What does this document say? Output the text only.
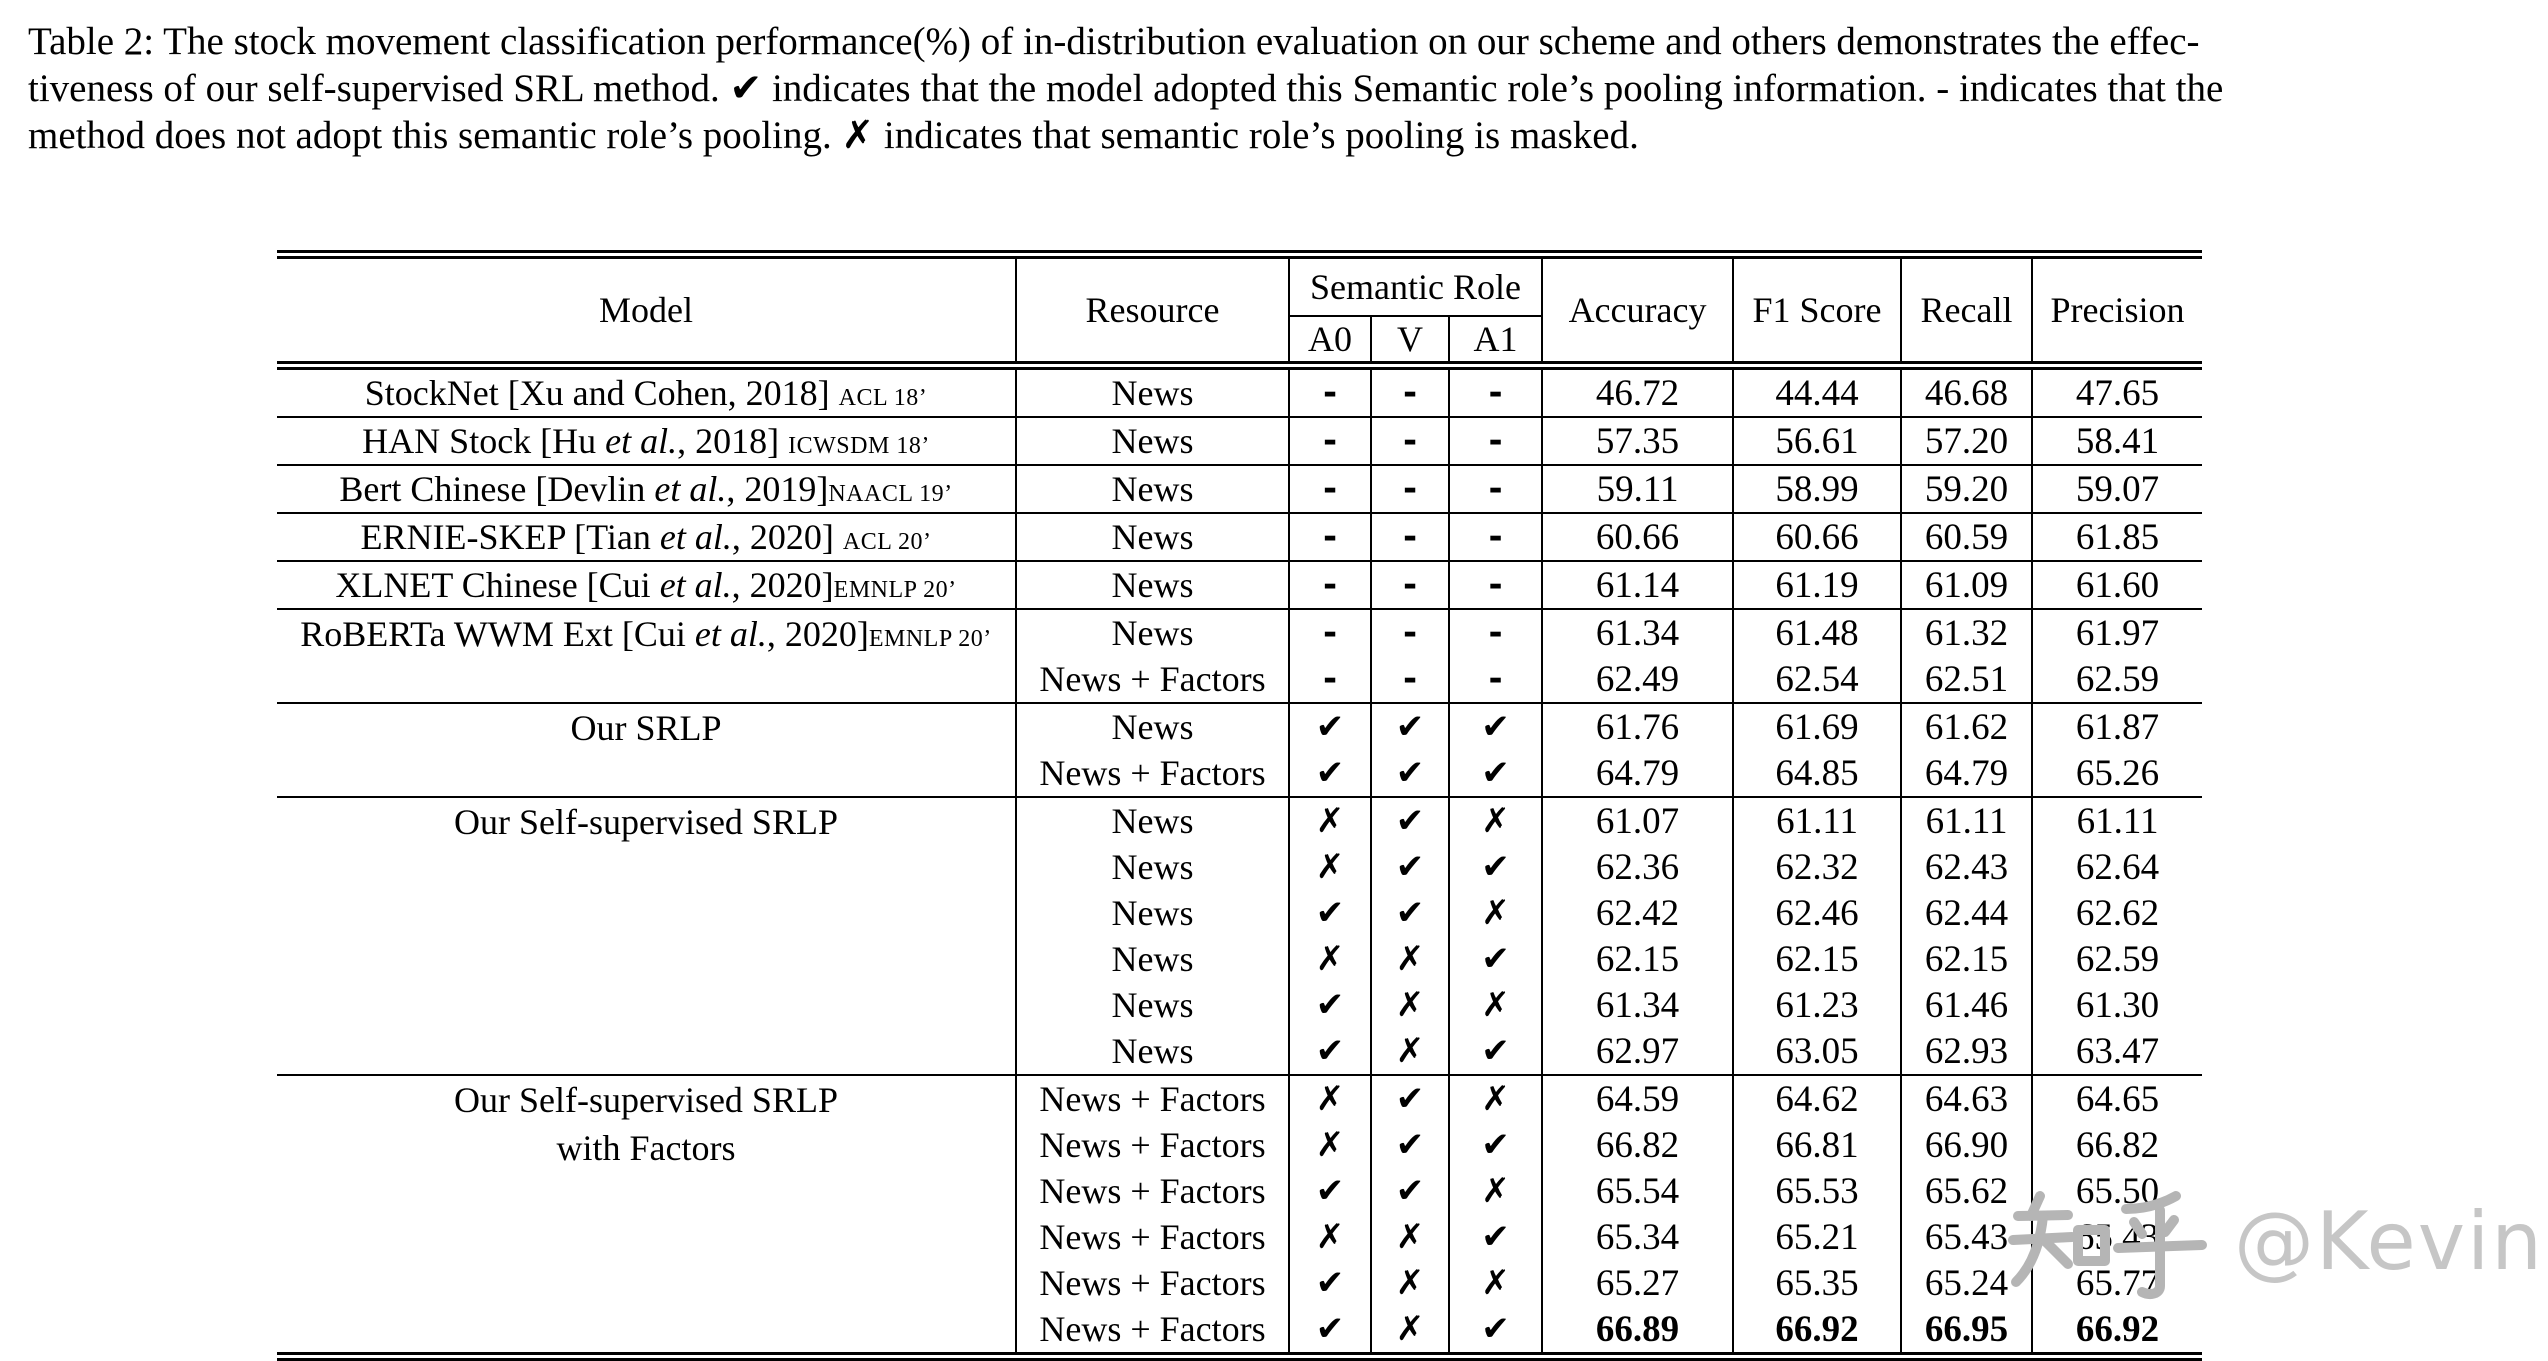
Table 2: The stock movement classification performance(%) of in-distribution evaluation on our scheme and others demonstrates the effec-
tiveness of our self-supervised SRL method. ✔ indicates that the model adopted this Semantic role’s pooling information. - indicates that the
method does not adopt this semantic role’s pooling. ✗ indicates that semantic role’s pooling is masked.
Model	Resource	Semantic Role			Accuracy	F1 Score	Recall	Precision
		A0	V	A1				
StockNet [Xu and Cohen, 2018] ACL 18’	News	-	-	-	46.72	44.44	46.68	47.65
HAN Stock [Hu et al., 2018] ICWSDM 18’	News	-	-	-	57.35	56.61	57.20	58.41
Bert Chinese [Devlin et al., 2019]NAACL 19’	News	-	-	-	59.11	58.99	59.20	59.07
ERNIE-SKEP [Tian et al., 2020] ACL 20’	News	-	-	-	60.66	60.66	60.59	61.85
XLNET Chinese [Cui et al., 2020]EMNLP 20’	News	-	-	-	61.14	61.19	61.09	61.60

RoBERTa WWM Ext [Cui et al., 2020]EMNLP 20’	News	-	-	-	61.34	61.48	61.32	61.97
	News + Factors	-	-	-	62.49	62.54	62.51	62.59

Our SRLP	News	✔	✔	✔	61.76	61.69	61.62	61.87
	News + Factors	✔	✔	✔	64.79	64.85	64.79	65.26

Our Self-supervised SRLP	News	✗	✔	✗	61.07	61.11	61.11	61.11
	News	✗	✔	✔	62.36	62.32	62.43	62.64
	News	✔	✔	✗	62.42	62.46	62.44	62.62
	News	✗	✗	✔	62.15	62.15	62.15	62.59
	News	✔	✗	✗	61.34	61.23	61.46	61.30
	News	✔	✗	✔	62.97	63.05	62.93	63.47

Our Self-supervised SRLP
with Factors	News + Factors	✗	✔	✗	64.59	64.62	64.63	64.65
	News + Factors	✗	✔	✔	66.82	66.81	66.90	66.82
	News + Factors	✔	✔	✗	65.54	65.53	65.62	65.50
	News + Factors	✗	✗	✔	65.34	65.21	65.43	65.43
	News + Factors	✔	✗	✗	65.27	65.35	65.24	65.77
	News + Factors	✔	✗	✔	66.89	66.92	66.95	66.92
@Kevin
